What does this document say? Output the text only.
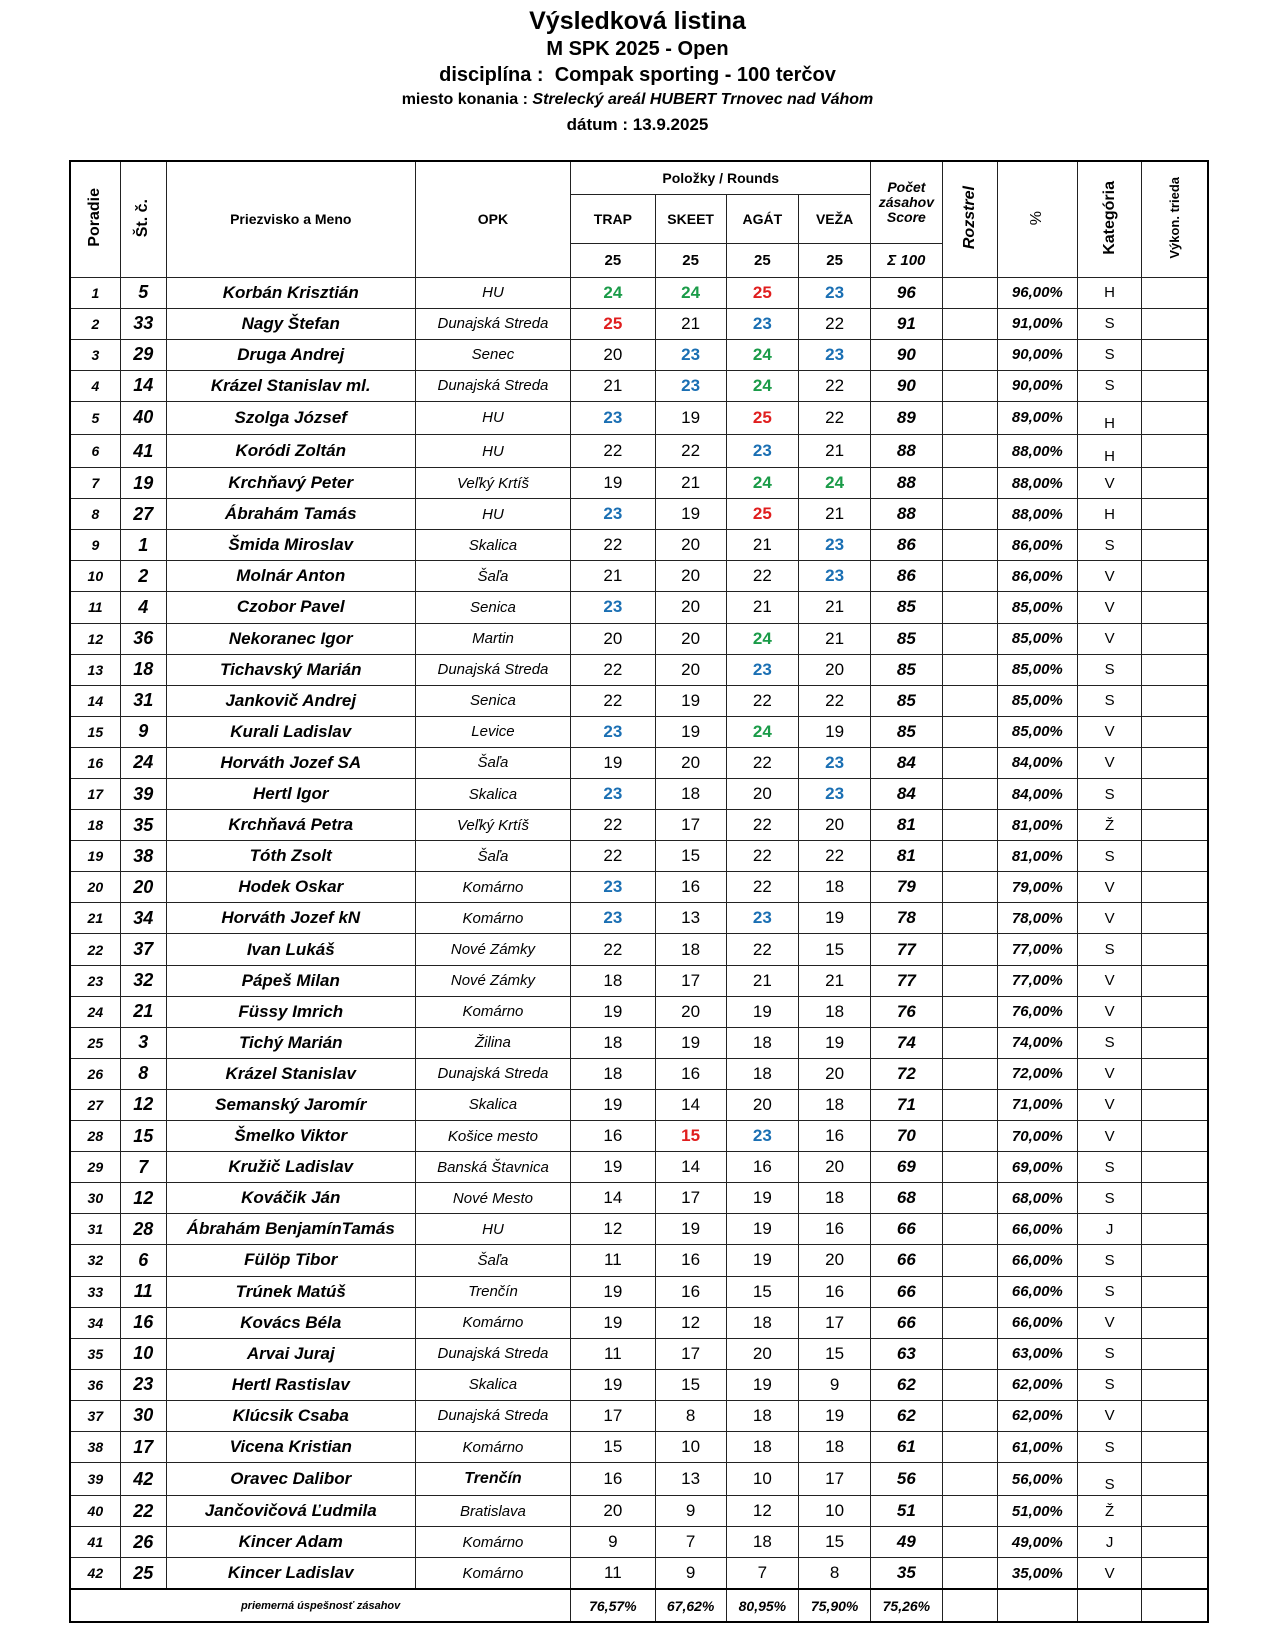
Výsledková listina
M SPK 2025 - Open
disciplína : Compak sporting - 100 terčov
miesto konania : Strelecký areál HUBERT Trnovec nad Váhom
dátum : 13.9.2025
Poradie	Št. č.	Priezvisko a Meno	OPK	Položky / Rounds				Počet
zásahov
Score	Rozstrel	%	Kategória	Výkon. trieda
				TRAP	SKEET	AGÁT	VEŽA					
				25	25	25	25	Σ 100				
1	5	Korbán Krisztián	HU	24	24	25	23	96		96,00%	H	
2	33	Nagy Štefan	Dunajská Streda	25	21	23	22	91		91,00%	S	
3	29	Druga Andrej	Senec	20	23	24	23	90		90,00%	S	
4	14	Krázel Stanislav ml.	Dunajská Streda	21	23	24	22	90		90,00%	S	
5	40	Szolga József	HU	23	19	25	22	89		89,00%	H	
6	41	Koródi Zoltán	HU	22	22	23	21	88		88,00%	H	
7	19	Krchňavý Peter	Veľký Krtíš	19	21	24	24	88		88,00%	V	
8	27	Ábrahám Tamás	HU	23	19	25	21	88		88,00%	H	
9	1	Šmida Miroslav	Skalica	22	20	21	23	86		86,00%	S	
10	2	Molnár Anton	Šaľa	21	20	22	23	86		86,00%	V	
11	4	Czobor Pavel	Senica	23	20	21	21	85		85,00%	V	
12	36	Nekoranec Igor	Martin	20	20	24	21	85		85,00%	V	
13	18	Tichavský Marián	Dunajská Streda	22	20	23	20	85		85,00%	S	
14	31	Jankovič Andrej	Senica	22	19	22	22	85		85,00%	S	
15	9	Kurali Ladislav	Levice	23	19	24	19	85		85,00%	V	
16	24	Horváth Jozef SA	Šaľa	19	20	22	23	84		84,00%	V	
17	39	Hertl Igor	Skalica	23	18	20	23	84		84,00%	S	
18	35	Krchňavá Petra	Veľký Krtíš	22	17	22	20	81		81,00%	Ž	
19	38	Tóth Zsolt	Šaľa	22	15	22	22	81		81,00%	S	
20	20	Hodek Oskar	Komárno	23	16	22	18	79		79,00%	V	
21	34	Horváth Jozef kN	Komárno	23	13	23	19	78		78,00%	V	
22	37	Ivan Lukáš	Nové Zámky	22	18	22	15	77		77,00%	S	
23	32	Pápeš Milan	Nové Zámky	18	17	21	21	77		77,00%	V	
24	21	Füssy Imrich	Komárno	19	20	19	18	76		76,00%	V	
25	3	Tichý Marián	Žilina	18	19	18	19	74		74,00%	S	
26	8	Krázel Stanislav	Dunajská Streda	18	16	18	20	72		72,00%	V	
27	12	Semanský Jaromír	Skalica	19	14	20	18	71		71,00%	V	
28	15	Šmelko Viktor	Košice mesto	16	15	23	16	70		70,00%	V	
29	7	Kružič Ladislav	Banská Štavnica	19	14	16	20	69		69,00%	S	
30	12	Kováčik Ján	Nové Mesto	14	17	19	18	68		68,00%	S	
31	28	Ábrahám BenjamínTamás	HU	12	19	19	16	66		66,00%	J	
32	6	Fülöp Tibor	Šaľa	11	16	19	20	66		66,00%	S	
33	11	Trúnek Matúš	Trenčín	19	16	15	16	66		66,00%	S	
34	16	Kovács Béla	Komárno	19	12	18	17	66		66,00%	V	
35	10	Arvai Juraj	Dunajská Streda	11	17	20	15	63		63,00%	S	
36	23	Hertl Rastislav	Skalica	19	15	19	9	62		62,00%	S	
37	30	Klúcsik Csaba	Dunajská Streda	17	8	18	19	62		62,00%	V	
38	17	Vicena Kristian	Komárno	15	10	18	18	61		61,00%	S	
39	42	Oravec Dalibor	Trenčín	16	13	10	17	56		56,00%	S	
40	22	Jančovičová Ľudmila	Bratislava	20	9	12	10	51		51,00%	Ž	
41	26	Kincer Adam	Komárno	9	7	18	15	49		49,00%	J	
42	25	Kincer Ladislav	Komárno	11	9	7	8	35		35,00%	V	
priemerná úspešnosť zásahov				76,57%	67,62%	80,95%	75,90%	75,26%				
